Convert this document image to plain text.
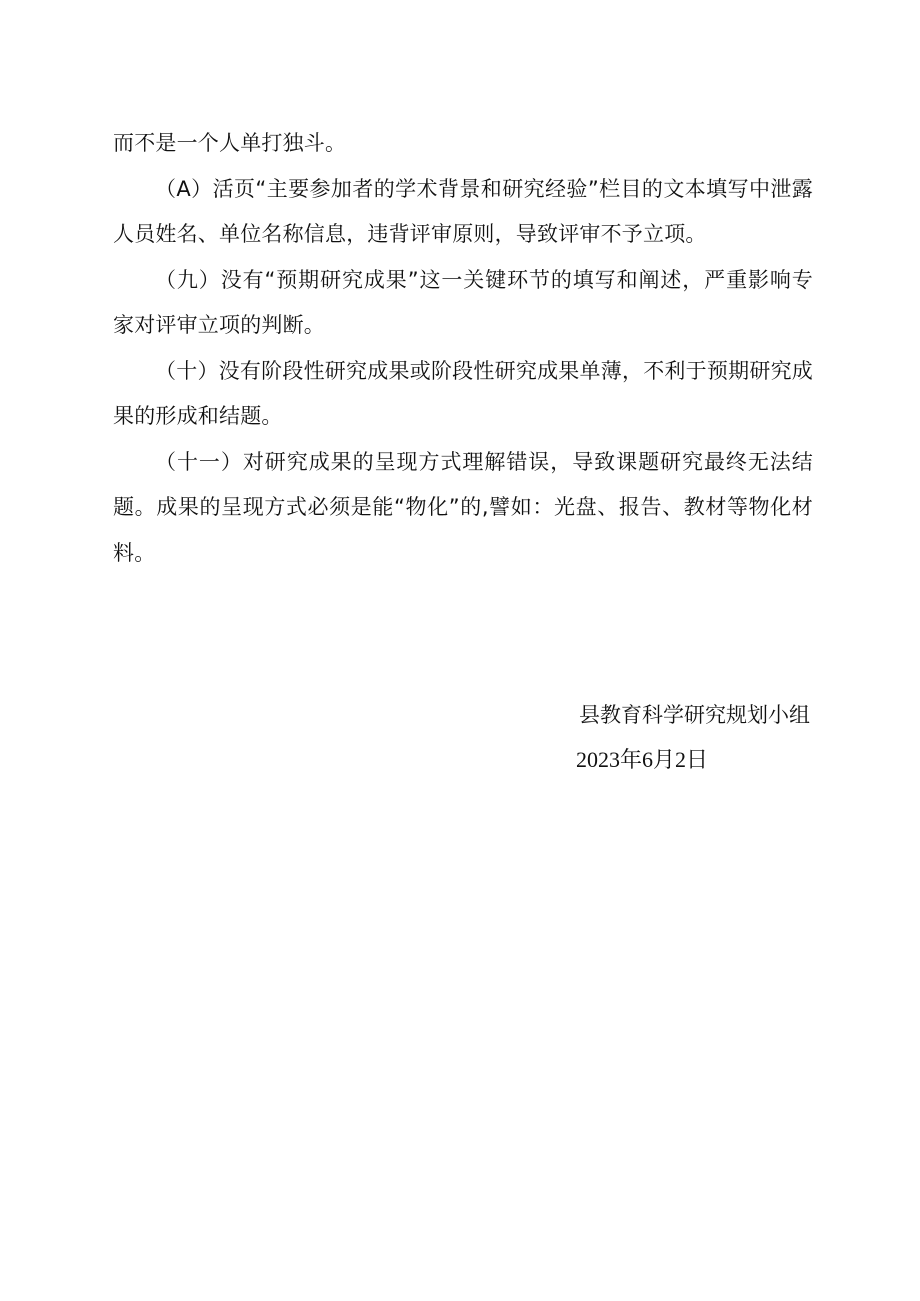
而不是一个人单打独斗。

（A）活页“主要参加者的学术背景和研究经验”栏目的文本填写中泄露人员姓名、单位名称信息，违背评审原则，导致评审不予立项。

（九）没有“预期研究成果”这一关键环节的填写和阐述，严重影响专家对评审立项的判断。

（十）没有阶段性研究成果或阶段性研究成果单薄，不利于预期研究成果的形成和结题。

（十一）对研究成果的呈现方式理解错误，导致课题研究最终无法结题。成果的呈现方式必须是能“物化”的,譬如：光盘、报告、教材等物化材料。

县教育科学研究规划小组
2023年6月2日
